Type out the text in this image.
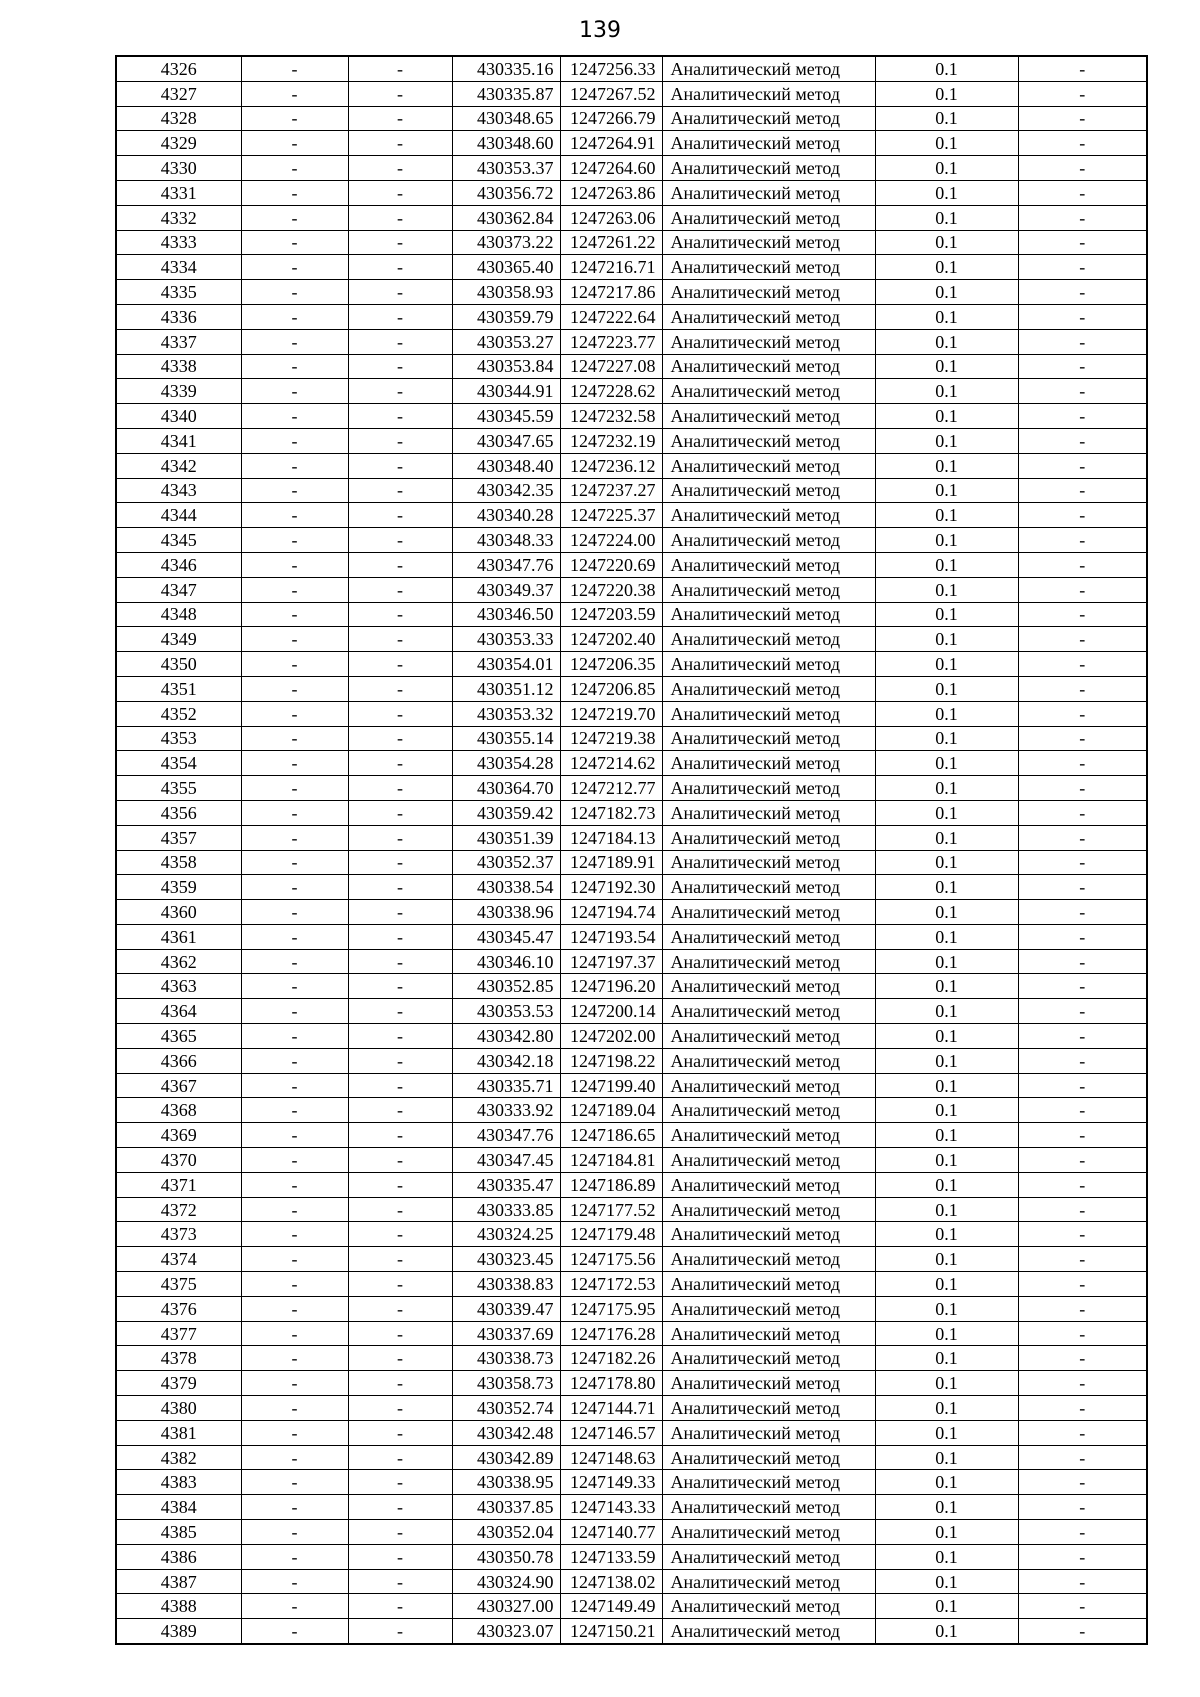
139
4326	-	-	430335.16	1247256.33	Аналитический метод	0.1	-
4327	-	-	430335.87	1247267.52	Аналитический метод	0.1	-
4328	-	-	430348.65	1247266.79	Аналитический метод	0.1	-
4329	-	-	430348.60	1247264.91	Аналитический метод	0.1	-
4330	-	-	430353.37	1247264.60	Аналитический метод	0.1	-
4331	-	-	430356.72	1247263.86	Аналитический метод	0.1	-
4332	-	-	430362.84	1247263.06	Аналитический метод	0.1	-
4333	-	-	430373.22	1247261.22	Аналитический метод	0.1	-
4334	-	-	430365.40	1247216.71	Аналитический метод	0.1	-
4335	-	-	430358.93	1247217.86	Аналитический метод	0.1	-
4336	-	-	430359.79	1247222.64	Аналитический метод	0.1	-
4337	-	-	430353.27	1247223.77	Аналитический метод	0.1	-
4338	-	-	430353.84	1247227.08	Аналитический метод	0.1	-
4339	-	-	430344.91	1247228.62	Аналитический метод	0.1	-
4340	-	-	430345.59	1247232.58	Аналитический метод	0.1	-
4341	-	-	430347.65	1247232.19	Аналитический метод	0.1	-
4342	-	-	430348.40	1247236.12	Аналитический метод	0.1	-
4343	-	-	430342.35	1247237.27	Аналитический метод	0.1	-
4344	-	-	430340.28	1247225.37	Аналитический метод	0.1	-
4345	-	-	430348.33	1247224.00	Аналитический метод	0.1	-
4346	-	-	430347.76	1247220.69	Аналитический метод	0.1	-
4347	-	-	430349.37	1247220.38	Аналитический метод	0.1	-
4348	-	-	430346.50	1247203.59	Аналитический метод	0.1	-
4349	-	-	430353.33	1247202.40	Аналитический метод	0.1	-
4350	-	-	430354.01	1247206.35	Аналитический метод	0.1	-
4351	-	-	430351.12	1247206.85	Аналитический метод	0.1	-
4352	-	-	430353.32	1247219.70	Аналитический метод	0.1	-
4353	-	-	430355.14	1247219.38	Аналитический метод	0.1	-
4354	-	-	430354.28	1247214.62	Аналитический метод	0.1	-
4355	-	-	430364.70	1247212.77	Аналитический метод	0.1	-
4356	-	-	430359.42	1247182.73	Аналитический метод	0.1	-
4357	-	-	430351.39	1247184.13	Аналитический метод	0.1	-
4358	-	-	430352.37	1247189.91	Аналитический метод	0.1	-
4359	-	-	430338.54	1247192.30	Аналитический метод	0.1	-
4360	-	-	430338.96	1247194.74	Аналитический метод	0.1	-
4361	-	-	430345.47	1247193.54	Аналитический метод	0.1	-
4362	-	-	430346.10	1247197.37	Аналитический метод	0.1	-
4363	-	-	430352.85	1247196.20	Аналитический метод	0.1	-
4364	-	-	430353.53	1247200.14	Аналитический метод	0.1	-
4365	-	-	430342.80	1247202.00	Аналитический метод	0.1	-
4366	-	-	430342.18	1247198.22	Аналитический метод	0.1	-
4367	-	-	430335.71	1247199.40	Аналитический метод	0.1	-
4368	-	-	430333.92	1247189.04	Аналитический метод	0.1	-
4369	-	-	430347.76	1247186.65	Аналитический метод	0.1	-
4370	-	-	430347.45	1247184.81	Аналитический метод	0.1	-
4371	-	-	430335.47	1247186.89	Аналитический метод	0.1	-
4372	-	-	430333.85	1247177.52	Аналитический метод	0.1	-
4373	-	-	430324.25	1247179.48	Аналитический метод	0.1	-
4374	-	-	430323.45	1247175.56	Аналитический метод	0.1	-
4375	-	-	430338.83	1247172.53	Аналитический метод	0.1	-
4376	-	-	430339.47	1247175.95	Аналитический метод	0.1	-
4377	-	-	430337.69	1247176.28	Аналитический метод	0.1	-
4378	-	-	430338.73	1247182.26	Аналитический метод	0.1	-
4379	-	-	430358.73	1247178.80	Аналитический метод	0.1	-
4380	-	-	430352.74	1247144.71	Аналитический метод	0.1	-
4381	-	-	430342.48	1247146.57	Аналитический метод	0.1	-
4382	-	-	430342.89	1247148.63	Аналитический метод	0.1	-
4383	-	-	430338.95	1247149.33	Аналитический метод	0.1	-
4384	-	-	430337.85	1247143.33	Аналитический метод	0.1	-
4385	-	-	430352.04	1247140.77	Аналитический метод	0.1	-
4386	-	-	430350.78	1247133.59	Аналитический метод	0.1	-
4387	-	-	430324.90	1247138.02	Аналитический метод	0.1	-
4388	-	-	430327.00	1247149.49	Аналитический метод	0.1	-
4389	-	-	430323.07	1247150.21	Аналитический метод	0.1	-
